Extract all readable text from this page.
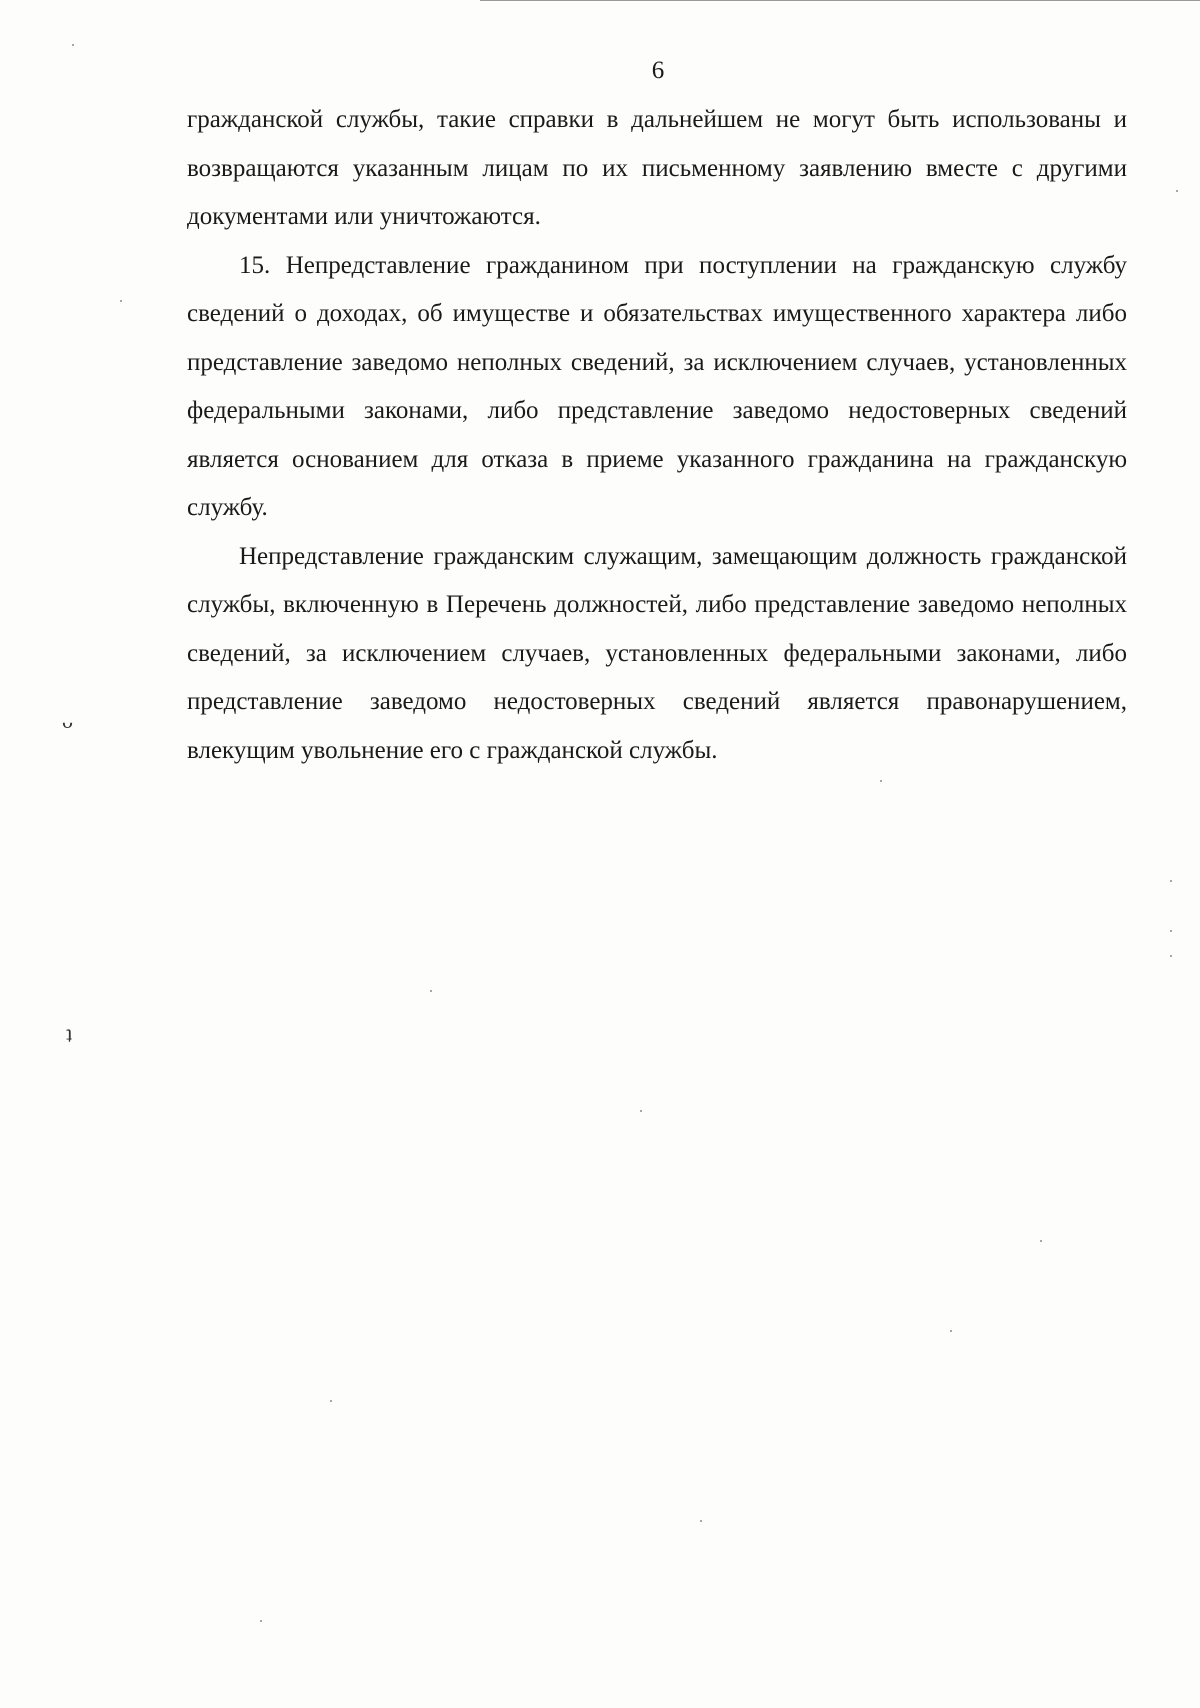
6

гражданской службы, такие справки в дальнейшем не могут быть использованы и возвращаются указанным лицам по их письменному заявлению вместе с другими документами или уничтожаются.

15. Непредставление гражданином при поступлении на гражданскую службу сведений о доходах, об имуществе и обязательствах имущественного характера либо представление заведомо неполных сведений, за исключением случаев, установленных федеральными законами, либо представление заведомо недостоверных сведений является основанием для отказа в приеме указанного гражданина на гражданскую службу.

Непредставление гражданским служащим, замещающим должность гражданской службы, включенную в Перечень должностей, либо представление заведомо неполных сведений, за исключением случаев, установленных федеральными законами, либо представление заведомо недостоверных сведений является правонарушением, влекущим увольнение его с гражданской службы.

ᴗ
ʇ
